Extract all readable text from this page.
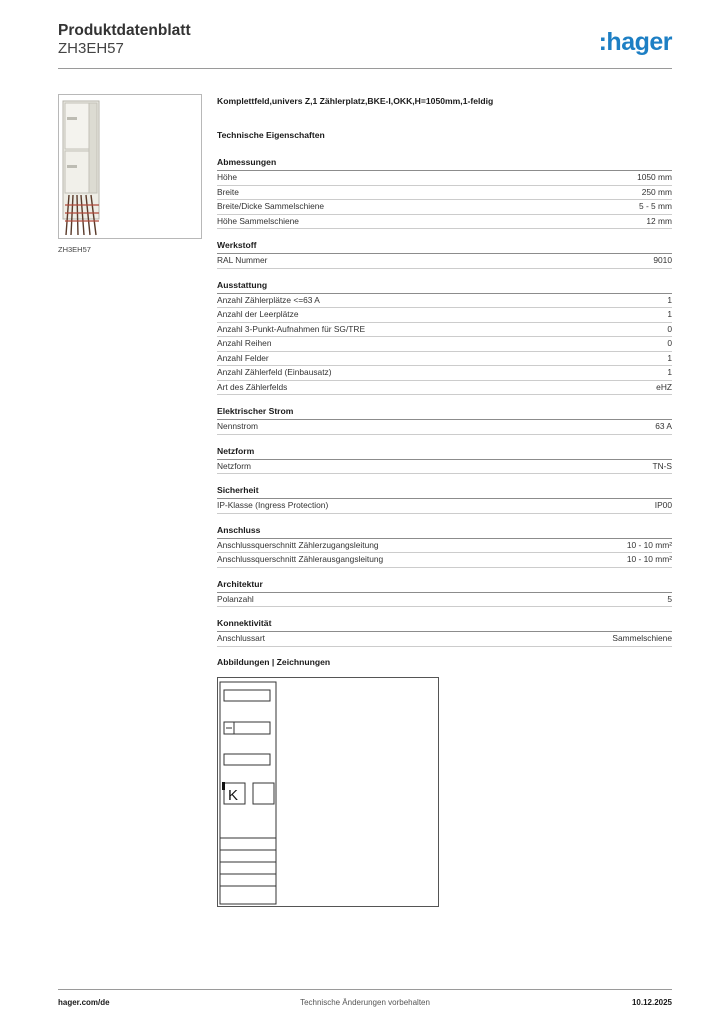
Produktdatenblatt
ZH3EH57	:hager
ZH3EH57
Komplettfeld,univers Z,1 Zählerplatz,BKE-I,OKK,H=1050mm,1-feldig
Technische Eigenschaften
Abmessungen
Höhe	1050 mm
Breite	250 mm
Breite/Dicke Sammelschiene	5 - 5 mm
Höhe Sammelschiene	12 mm
Werkstoff
RAL Nummer	9010
Ausstattung
Anzahl Zählerplätze <=63 A	1
Anzahl der Leerplätze	1
Anzahl 3-Punkt-Aufnahmen für SG/TRE	0
Anzahl Reihen	0
Anzahl Felder	1
Anzahl Zählerfeld (Einbausatz)	1
Art des Zählerfelds	eHZ
Elektrischer Strom
Nennstrom	63 A
Netzform
Netzform	TN-S
Sicherheit
IP-Klasse (Ingress Protection)	IP00
Anschluss
Anschlussquerschnitt Zählerzugangsleitung	10 - 10 mm²
Anschlussquerschnitt Zählerausgangsleitung	10 - 10 mm²
Architektur
Polanzahl	5
Konnektivität
Anschlussart	Sammelschiene
Abbildungen | Zeichnungen
K
hager.com/de	Technische Änderungen vorbehalten	10.12.2025
